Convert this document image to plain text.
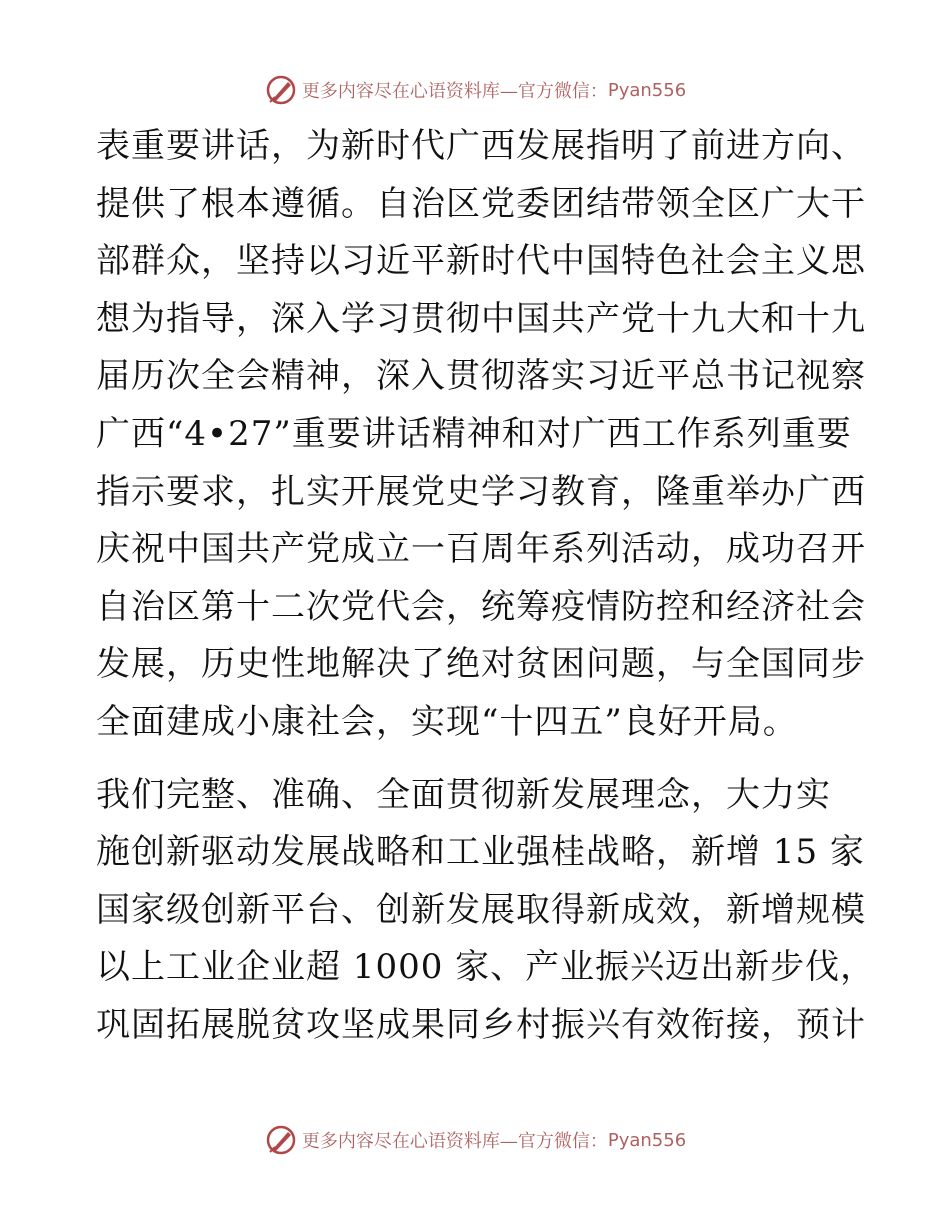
更多内容尽在心语资料库—官方微信： Pyan556

表重要讲话，为新时代广西发展指明了前进方向、
提供了根本遵循。自治区党委团结带领全区广大干
部群众，坚持以习近平新时代中国特色社会主义思
想为指导，深入学习贯彻中国共产党十九大和十九
届历次全会精神，深入贯彻落实习近平总书记视察
广西“4•27”重要讲话精神和对广西工作系列重要
指示要求，扎实开展党史学习教育，隆重举办广西
庆祝中国共产党成立一百周年系列活动，成功召开
自治区第十二次党代会，统筹疫情防控和经济社会
发展，历史性地解决了绝对贫困问题，与全国同步
全面建成小康社会，实现“十四五”良好开局。

我们完整、准确、全面贯彻新发展理念，大力实
施创新驱动发展战略和工业强桂战略，新增 15 家
国家级创新平台、创新发展取得新成效，新增规模
以上工业企业超 1000 家、产业振兴迈出新步伐，
巩固拓展脱贫攻坚成果同乡村振兴有效衔接，预计

更多内容尽在心语资料库—官方微信： Pyan556
